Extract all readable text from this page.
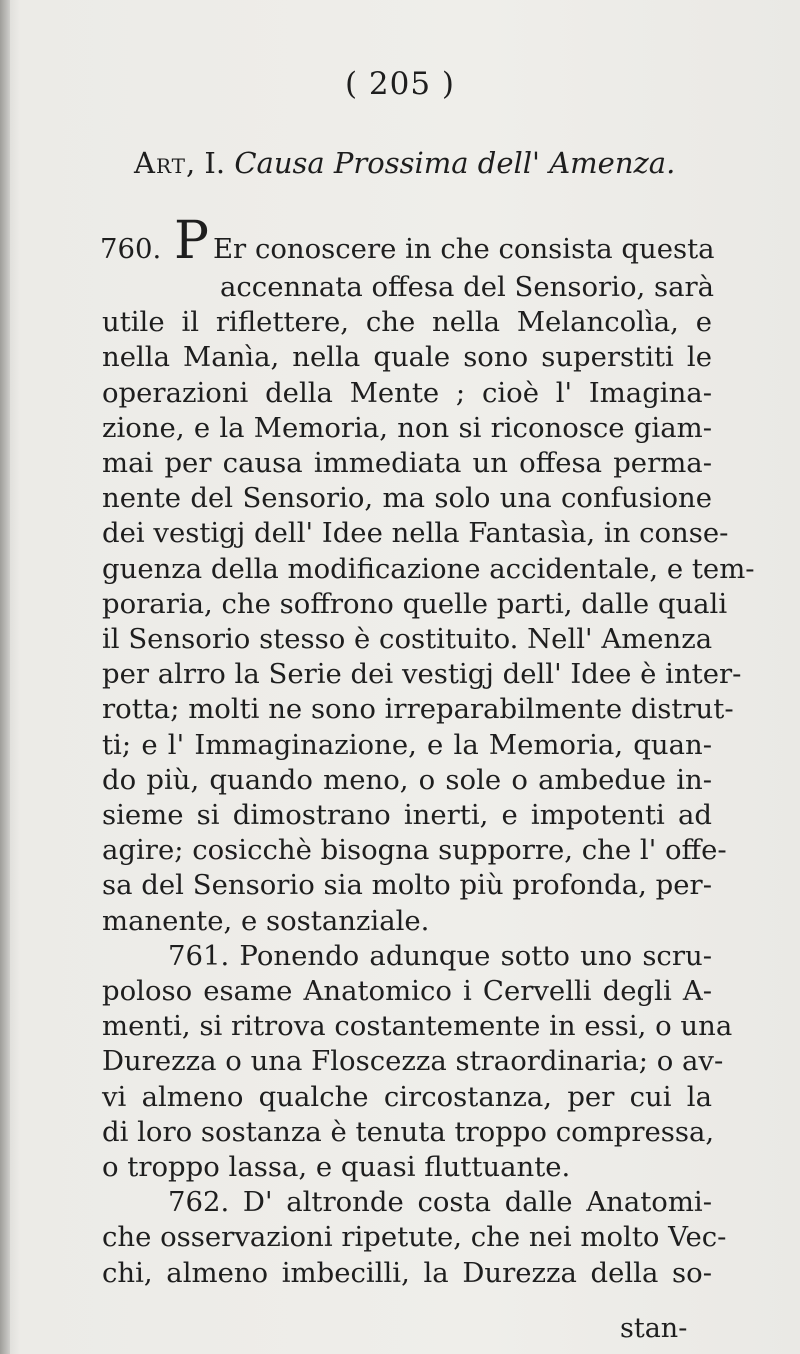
( 205 )
Art, I. Causa Prossima dell' Amenza.
760. P Er conoscere in che consista questa
accennata offesa del Sensorio, sarà
utile il riflettere, che nella Melancolìa, e
nella Manìa, nella quale sono superstiti le
operazioni della Mente ; cioè l' Imagina-
zione, e la Memoria, non si riconosce giam-
mai per causa immediata un offesa perma-
nente del Sensorio, ma solo una confusione
dei vestigj dell' Idee nella Fantasìa, in conse-
guenza della modificazione accidentale, e tem-
poraria, che soffrono quelle parti, dalle quali
il Sensorio stesso è costituito. Nell' Amenza
per alrro la Serie dei vestigj dell' Idee è inter-
rotta; molti ne sono irreparabilmente distrut-
ti; e l' Immaginazione, e la Memoria, quan-
do più, quando meno, o sole o ambedue in-
sieme si dimostrano inerti, e impotenti ad
agire; cosicchè bisogna supporre, che l' offe-
sa del Sensorio sia molto più profonda, per-
manente, e sostanziale.
761. Ponendo adunque sotto uno scru-
poloso esame Anatomico i Cervelli degli A-
menti, si ritrova costantemente in essi, o una
Durezza o una Floscezza straordinaria; o av-
vi almeno qualche circostanza, per cui la
di loro sostanza è tenuta troppo compressa,
o troppo lassa, e quasi fluttuante.
762. D' altronde costa dalle Anatomi-
che osservazioni ripetute, che nei molto Vec-
chi, almeno imbecilli, la Durezza della so-
stan-
